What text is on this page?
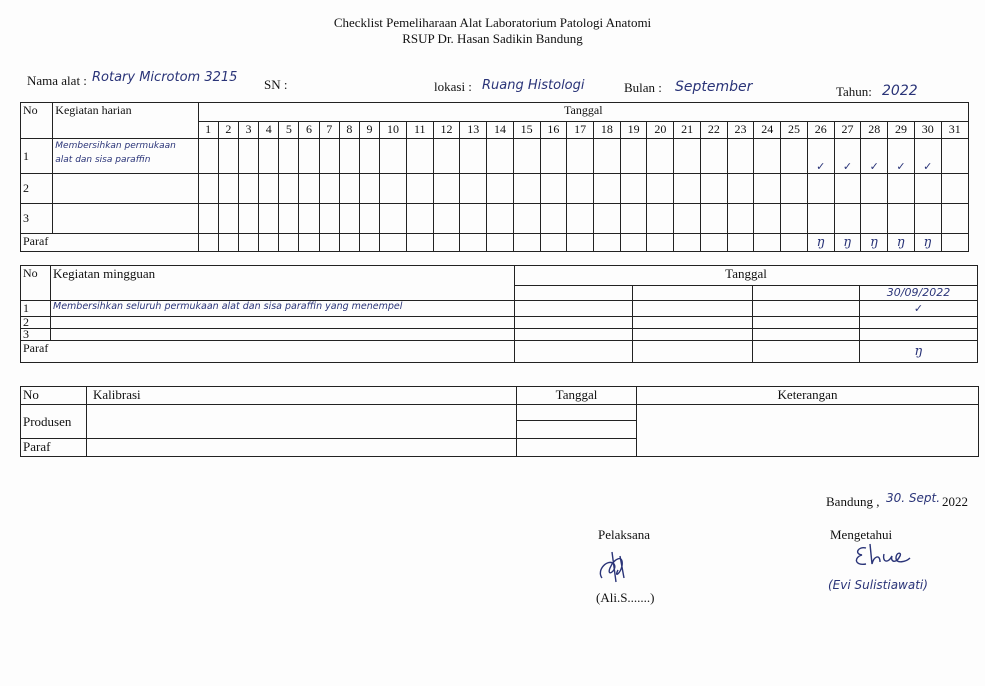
Checklist Pemeliharaan Alat Laboratorium Patologi Anatomi
RSUP Dr. Hasan Sadikin Bandung
Nama alat : Rotary Microtom 3215 SN :	lokasi : Ruang Histologi	Bulan : September	Tahun: 2022
No	Kegiatan harian	Tanggal																														
		1	2	3	4	5	6	7	8	9	10	11	12	13	14	15	16	17	18	19	20	21	22	23	24	25	26	27	28	29	30	31
1	Membersihkan permukaan
alat dan sisa paraffin																										✓	✓	✓	✓	✓	
2	

3	

Paraf																											ŋ	ŋ	ŋ	ŋ	ŋ	
No	Kegiatan mingguan	Tanggal			
					30/09/2022
1	Membersihkan seluruh permukaan alat dan sisa paraffin yang menempel				✓
2					
3					
Paraf					ŋ
No	Kalibrasi	Tanggal	Keterangan
Produsen			

Paraf			
Bandung , 30. Sept. 2022
Pelaksana
(Ali.S.......)
Mengetahui
(Evi Sulistiawati)
